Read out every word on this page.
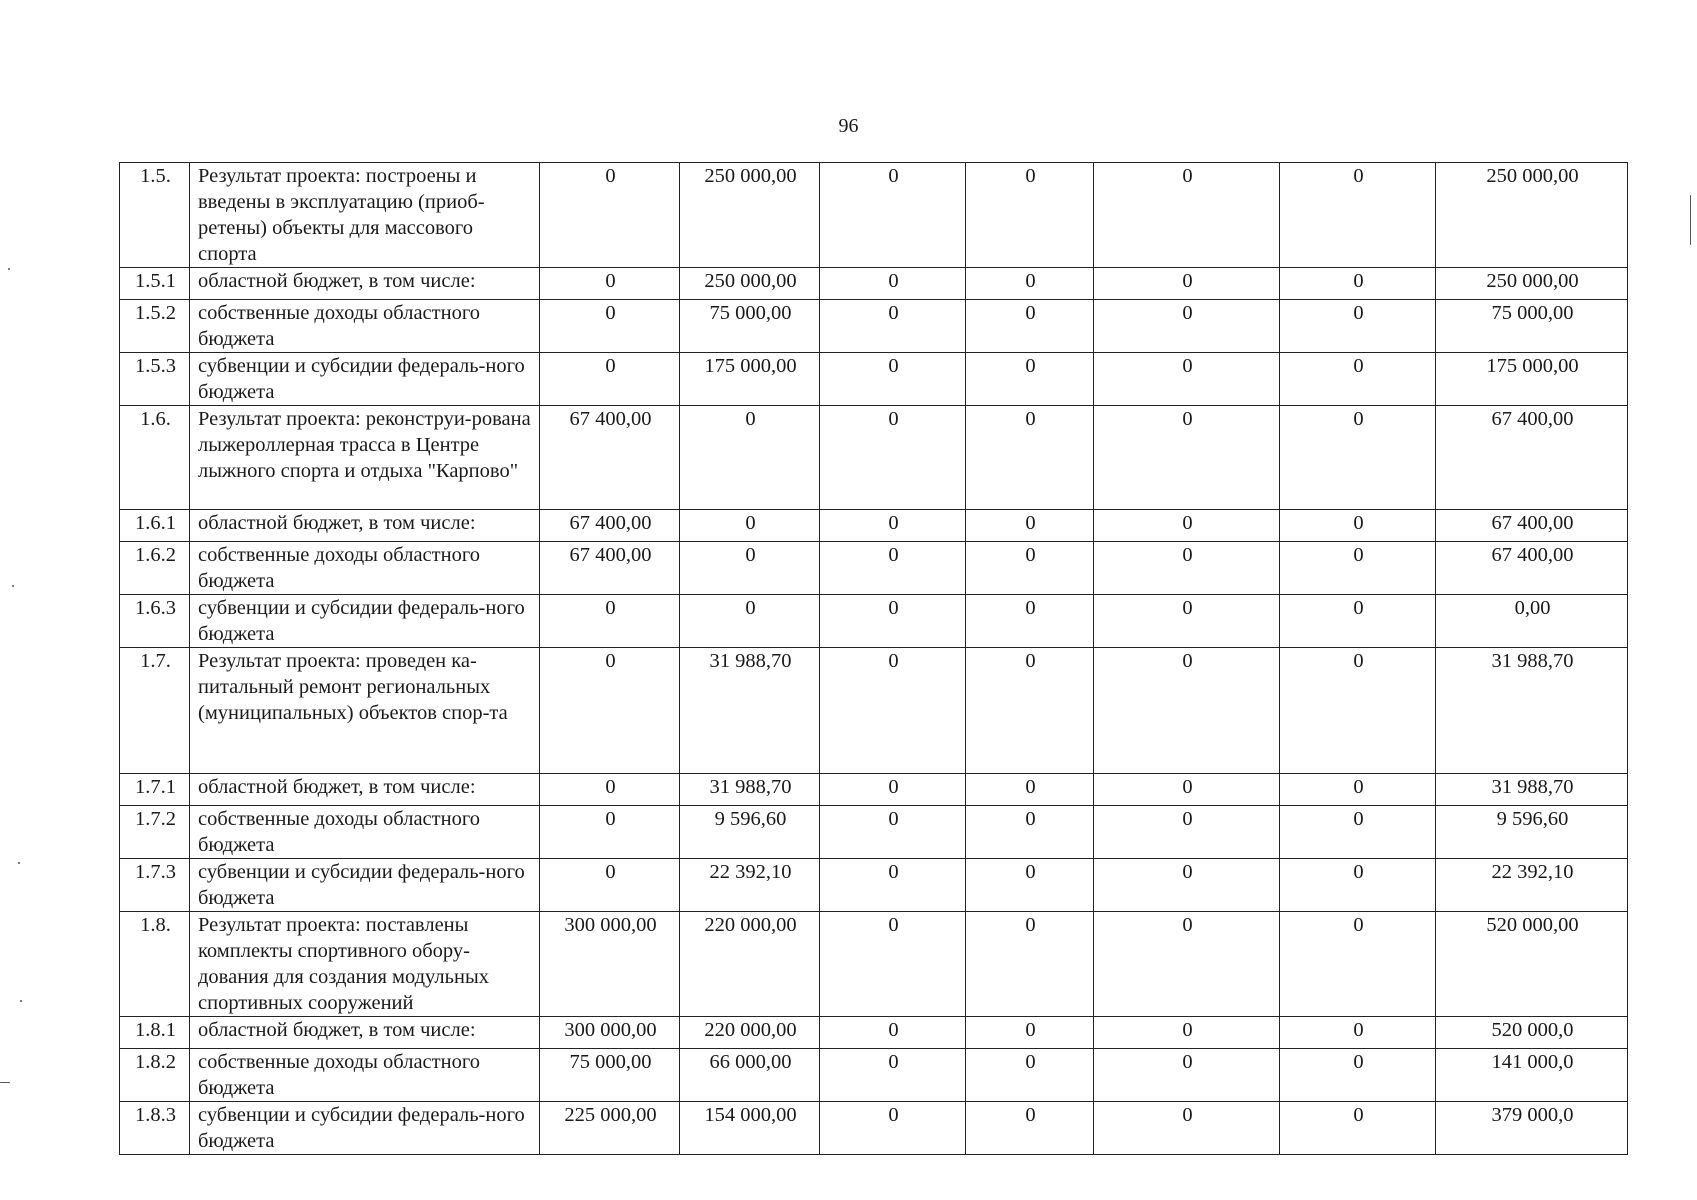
96
1.5.	Результат проекта: построены и введены в эксплуатацию (приоб-ретены) объекты для массового спорта	0	250 000,00	0	0	0	0	250 000,00
1.5.1	областной бюджет, в том числе:	0	250 000,00	0	0	0	0	250 000,00
1.5.2	собственные доходы областного бюджета	0	75 000,00	0	0	0	0	75 000,00
1.5.3	субвенции и субсидии федераль-ного бюджета	0	175 000,00	0	0	0	0	175 000,00
1.6.	Результат проекта: реконструи-рована лыжероллерная трасса в Центре лыжного спорта и отдыха "Карпово"	67 400,00	0	0	0	0	0	67 400,00
1.6.1	областной бюджет, в том числе:	67 400,00	0	0	0	0	0	67 400,00
1.6.2	собственные доходы областного бюджета	67 400,00	0	0	0	0	0	67 400,00
1.6.3	субвенции и субсидии федераль-ного бюджета	0	0	0	0	0	0	0,00
1.7.	Результат проекта: проведен ка-питальный ремонт региональных (муниципальных) объектов спор-та	0	31 988,70	0	0	0	0	31 988,70
1.7.1	областной бюджет, в том числе:	0	31 988,70	0	0	0	0	31 988,70
1.7.2	собственные доходы областного бюджета	0	9 596,60	0	0	0	0	9 596,60
1.7.3	субвенции и субсидии федераль-ного бюджета	0	22 392,10	0	0	0	0	22 392,10
1.8.	Результат проекта: поставлены комплекты спортивного обору-дования для создания модульных спортивных сооружений	300 000,00	220 000,00	0	0	0	0	520 000,00
1.8.1	областной бюджет, в том числе:	300 000,00	220 000,00	0	0	0	0	520 000,0
1.8.2	собственные доходы областного бюджета	75 000,00	66 000,00	0	0	0	0	141 000,0
1.8.3	субвенции и субсидии федераль-ного бюджета	225 000,00	154 000,00	0	0	0	0	379 000,0
